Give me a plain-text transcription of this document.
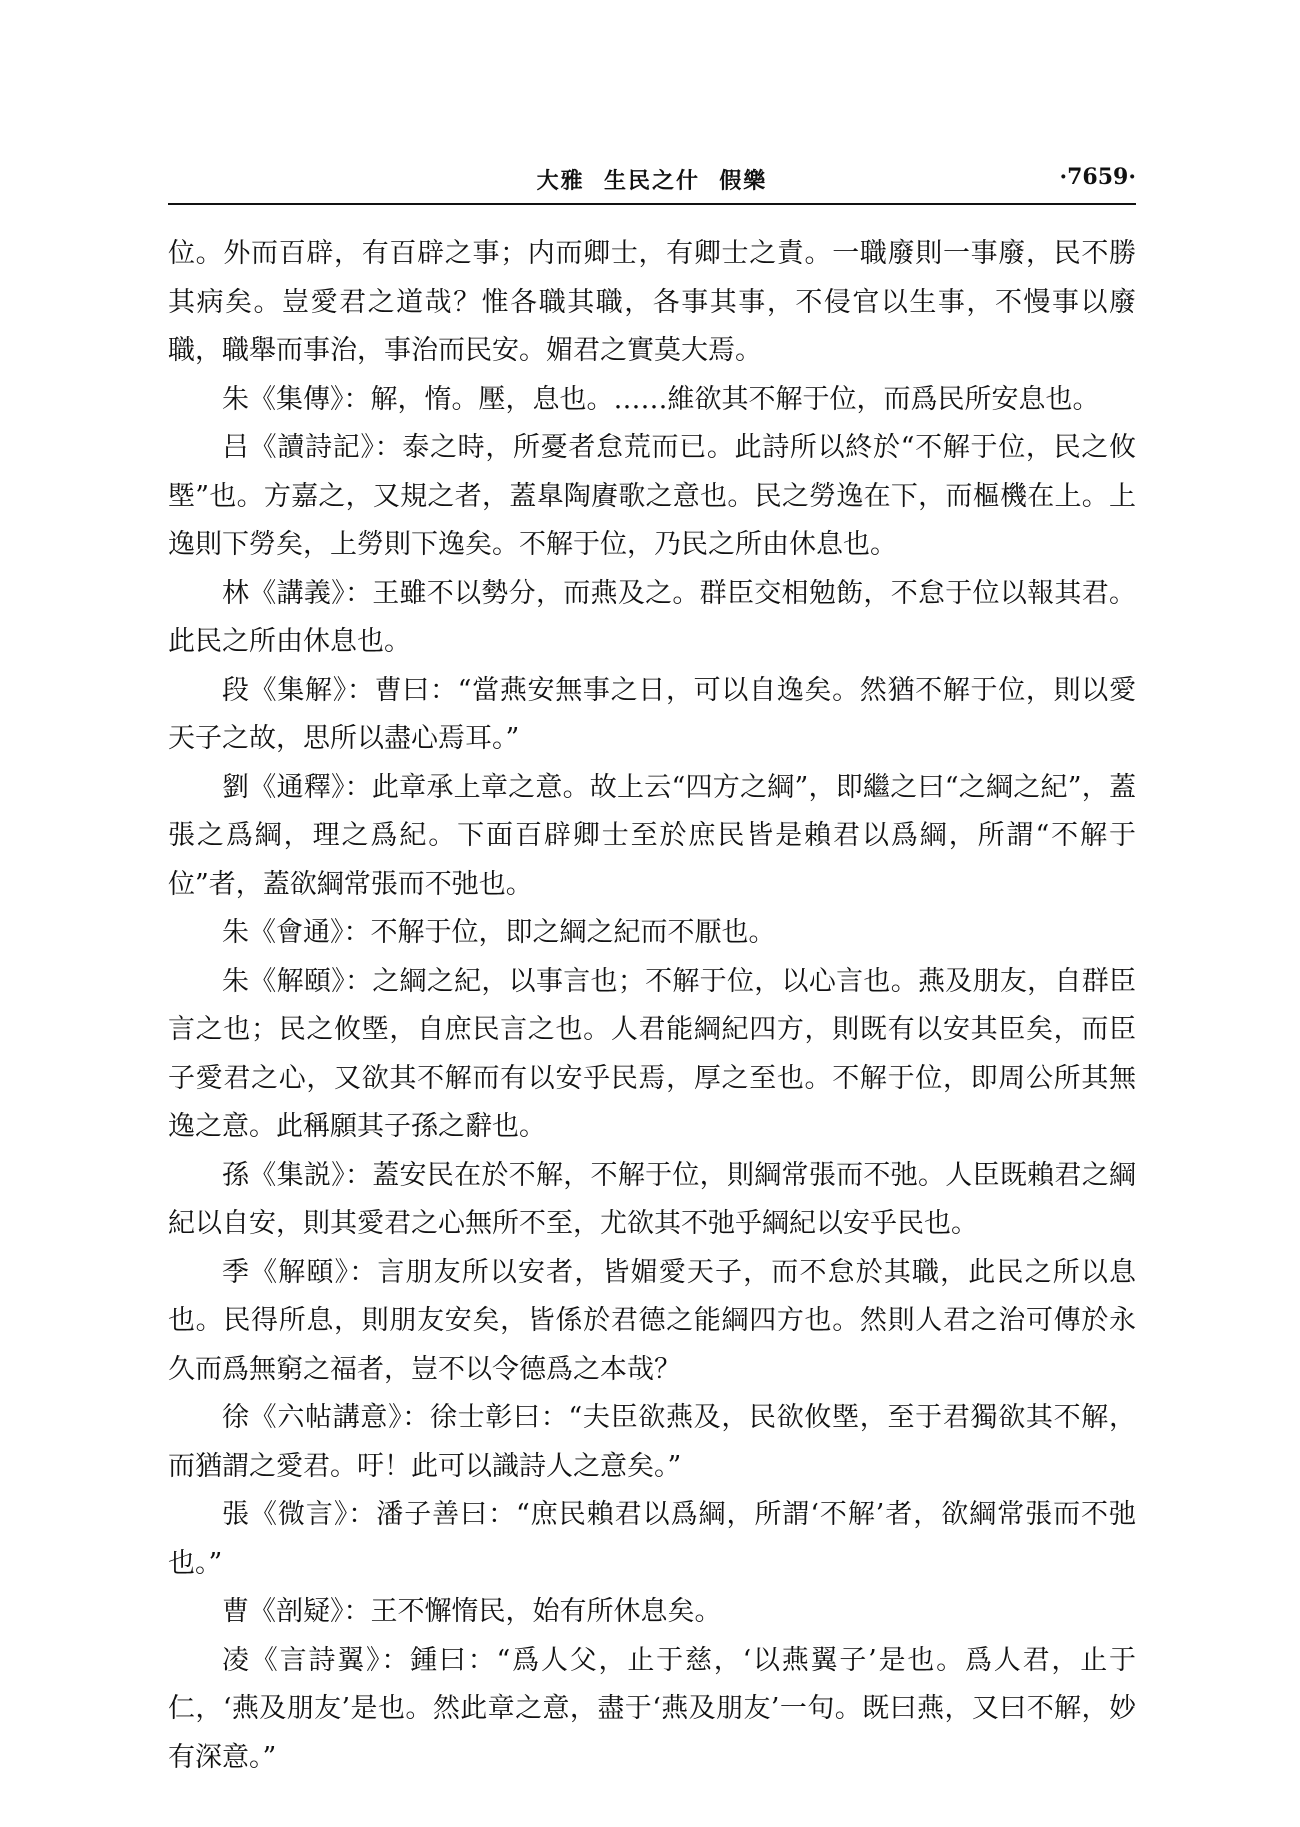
大雅  生民之什  假樂	·7659·

位。外而百辟，有百辟之事；内而卿士，有卿士之責。一職廢則一事廢，民不勝其病矣。豈愛君之道哉？惟各職其職，各事其事，不侵官以生事，不慢事以廢職，職舉而事治，事治而民安。媚君之實莫大焉。

朱《集傳》：解，惰。壓，息也。……維欲其不解于位，而爲民所安息也。

吕《讀詩記》：泰之時，所憂者怠荒而已。此詩所以終於“不解于位，民之攸塈”也。方嘉之，又規之者，蓋臯陶賡歌之意也。民之勞逸在下，而樞機在上。上逸則下勞矣，上勞則下逸矣。不解于位，乃民之所由休息也。

林《講義》：王雖不以勢分，而燕及之。群臣交相勉飭，不怠于位以報其君。此民之所由休息也。

段《集解》：曹曰：“當燕安無事之日，可以自逸矣。然猶不解于位，則以愛天子之故，思所以盡心焉耳。”

劉《通釋》：此章承上章之意。故上云“四方之綱”，即繼之曰“之綱之紀”，蓋張之爲綱，理之爲紀。下面百辟卿士至於庶民皆是賴君以爲綱，所謂“不解于位”者，蓋欲綱常張而不弛也。

朱《會通》：不解于位，即之綱之紀而不厭也。

朱《解頤》：之綱之紀，以事言也；不解于位，以心言也。燕及朋友，自群臣言之也；民之攸塈，自庶民言之也。人君能綱紀四方，則既有以安其臣矣，而臣子愛君之心，又欲其不解而有以安乎民焉，厚之至也。不解于位，即周公所其無逸之意。此稱願其子孫之辭也。

孫《集説》：蓋安民在於不解，不解于位，則綱常張而不弛。人臣既賴君之綱紀以自安，則其愛君之心無所不至，尤欲其不弛乎綱紀以安乎民也。

季《解頤》：言朋友所以安者，皆媚愛天子，而不怠於其職，此民之所以息也。民得所息，則朋友安矣，皆係於君德之能綱四方也。然則人君之治可傳於永久而爲無窮之福者，豈不以令德爲之本哉？

徐《六帖講意》：徐士彰曰：“夫臣欲燕及，民欲攸塈，至于君獨欲其不解，而猶謂之愛君。吁！此可以識詩人之意矣。”

張《微言》：潘子善曰：“庶民賴君以爲綱，所謂‘不解’者，欲綱常張而不弛也。”

曹《剖疑》：王不懈惰民，始有所休息矣。

凌《言詩翼》：鍾曰：“爲人父，止于慈，‘以燕翼子’是也。爲人君，止于仁，‘燕及朋友’是也。然此章之意，盡于‘燕及朋友’一句。既曰燕，又曰不解，妙有深意。”
